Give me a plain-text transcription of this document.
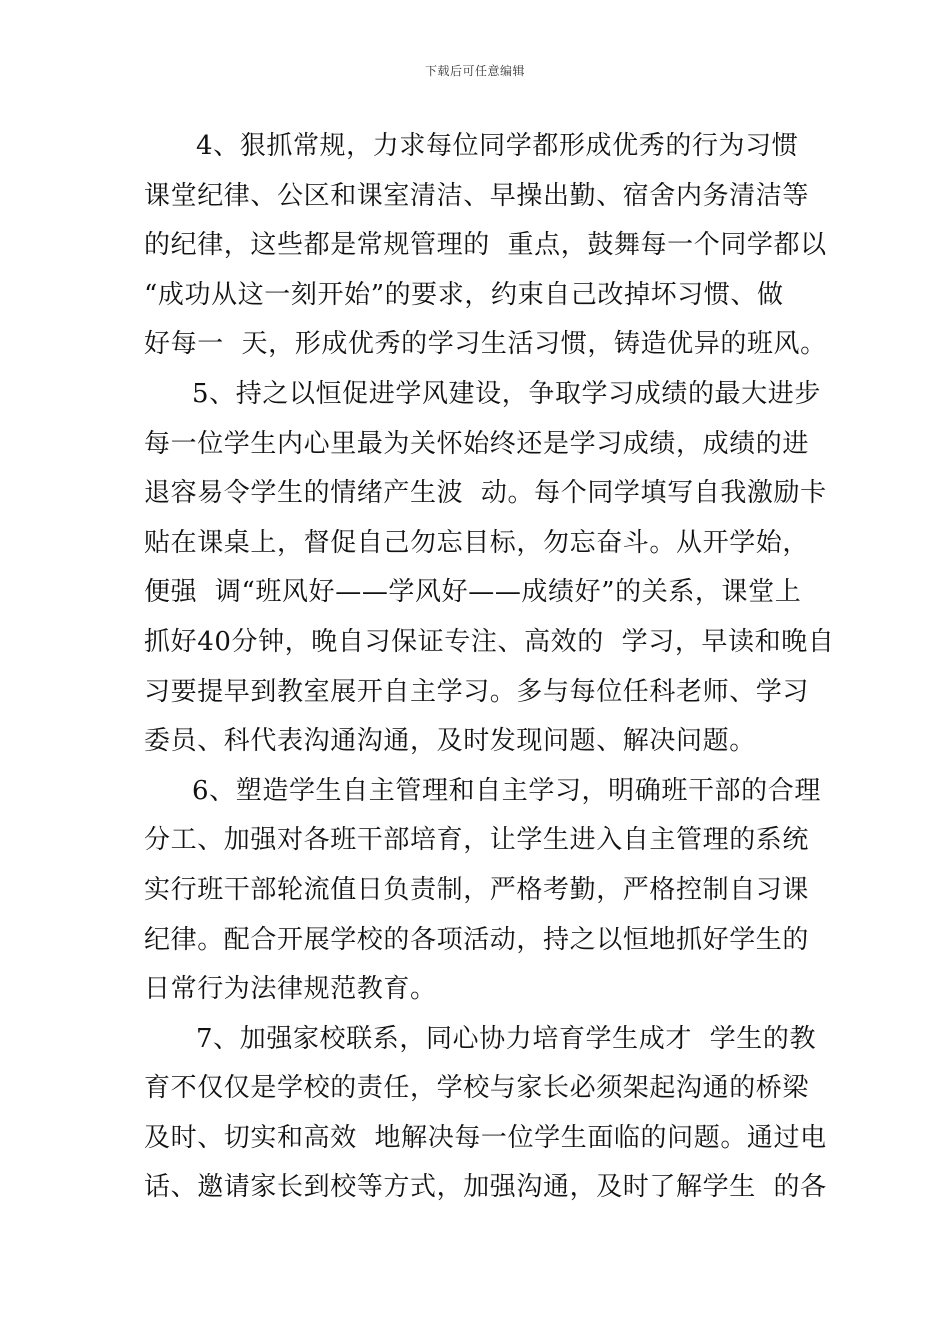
下载后可任意编辑
4、狠抓常规，力求每位同学都形成优秀的行为习惯
课堂纪律、公区和课室清洁、早操出勤、宿舍内务清洁等
的纪律，这些都是常规管理的  重点，鼓舞每一个同学都以
“成功从这一刻开始”的要求，约束自己改掉坏习惯、做
好每一  天，形成优秀的学习生活习惯，铸造优异的班风。
5、持之以恒促进学风建设，争取学习成绩的最大进步
每一位学生内心里最为关怀始终还是学习成绩，成绩的进
退容易令学生的情绪产生波  动。每个同学填写自我激励卡
贴在课桌上，督促自己勿忘目标，勿忘奋斗。从开学始，
便强  调“班风好——学风好——成绩好”的关系，课堂上
抓好40分钟，晚自习保证专注、高效的  学习，早读和晚自
习要提早到教室展开自主学习。多与每位任科老师、学习
委员、科代表沟通沟通，及时发现问题、解决问题。
6、塑造学生自主管理和自主学习，明确班干部的合理
分工、加强对各班干部培育，让学生进入自主管理的系统
实行班干部轮流值日负责制，严格考勤，严格控制自习课
纪律。配合开展学校的各项活动，持之以恒地抓好学生的
日常行为法律规范教育。
7、加强家校联系，同心协力培育学生成才  学生的教
育不仅仅是学校的责任，学校与家长必须架起沟通的桥梁
及时、切实和高效  地解决每一位学生面临的问题。通过电
话、邀请家长到校等方式，加强沟通，及时了解学生  的各
